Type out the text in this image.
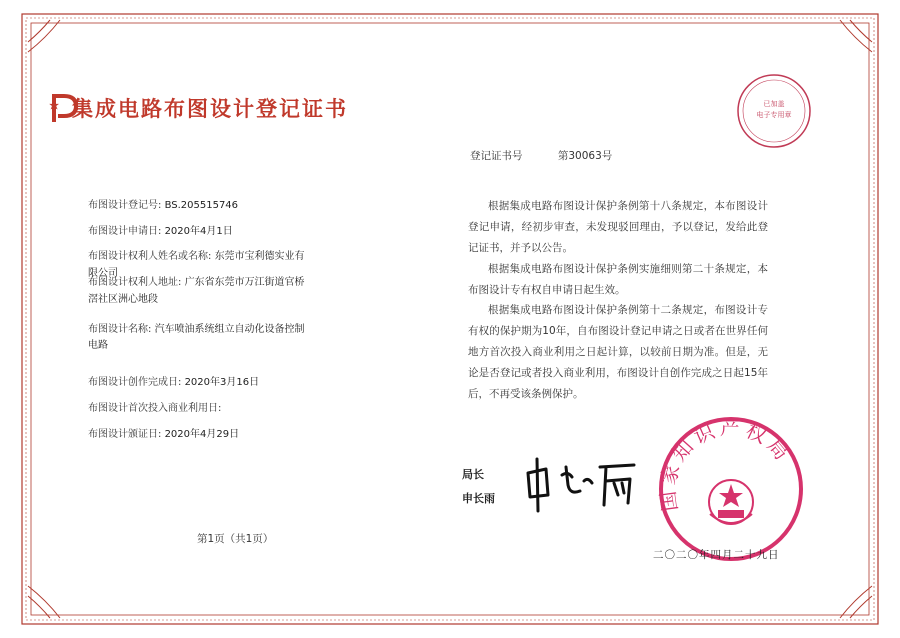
集成电路布图设计登记证书	已加盖
电子专用章
登记证书号	第30063号
布图设计登记号: BS.205515746
布图设计申请日: 2020年4月1日
布图设计权利人姓名或名称: 东莞市宝利德实业有
限公司
布图设计权利人地址: 广东省东莞市万江街道官桥
滘社区洲心地段
布图设计名称: 汽车喷油系统组立自动化设备控制
电路
布图设计创作完成日: 2020年3月16日
布图设计首次投入商业利用日:
布图设计颁证日: 2020年4月29日
根据集成电路布图设计保护条例第十八条规定，本布图设计登记申请，经初步审查，未发现驳回理由，予以登记，发给此登记证书，并予以公告。
根据集成电路布图设计保护条例实施细则第二十条规定，本布图设计专有权自申请日起生效。
根据集成电路布图设计保护条例第十二条规定，布图设计专有权的保护期为10年，自布图设计登记申请之日或者在世界任何地方首次投入商业利用之日起计算，以较前日期为准。但是，无论是否登记或者投入商业利用，布图设计自创作完成之日起15年后，不再受该条例保护。
局长
申长雨	国家知识产权局
第1页（共1页）
二〇二〇年四月二十九日
